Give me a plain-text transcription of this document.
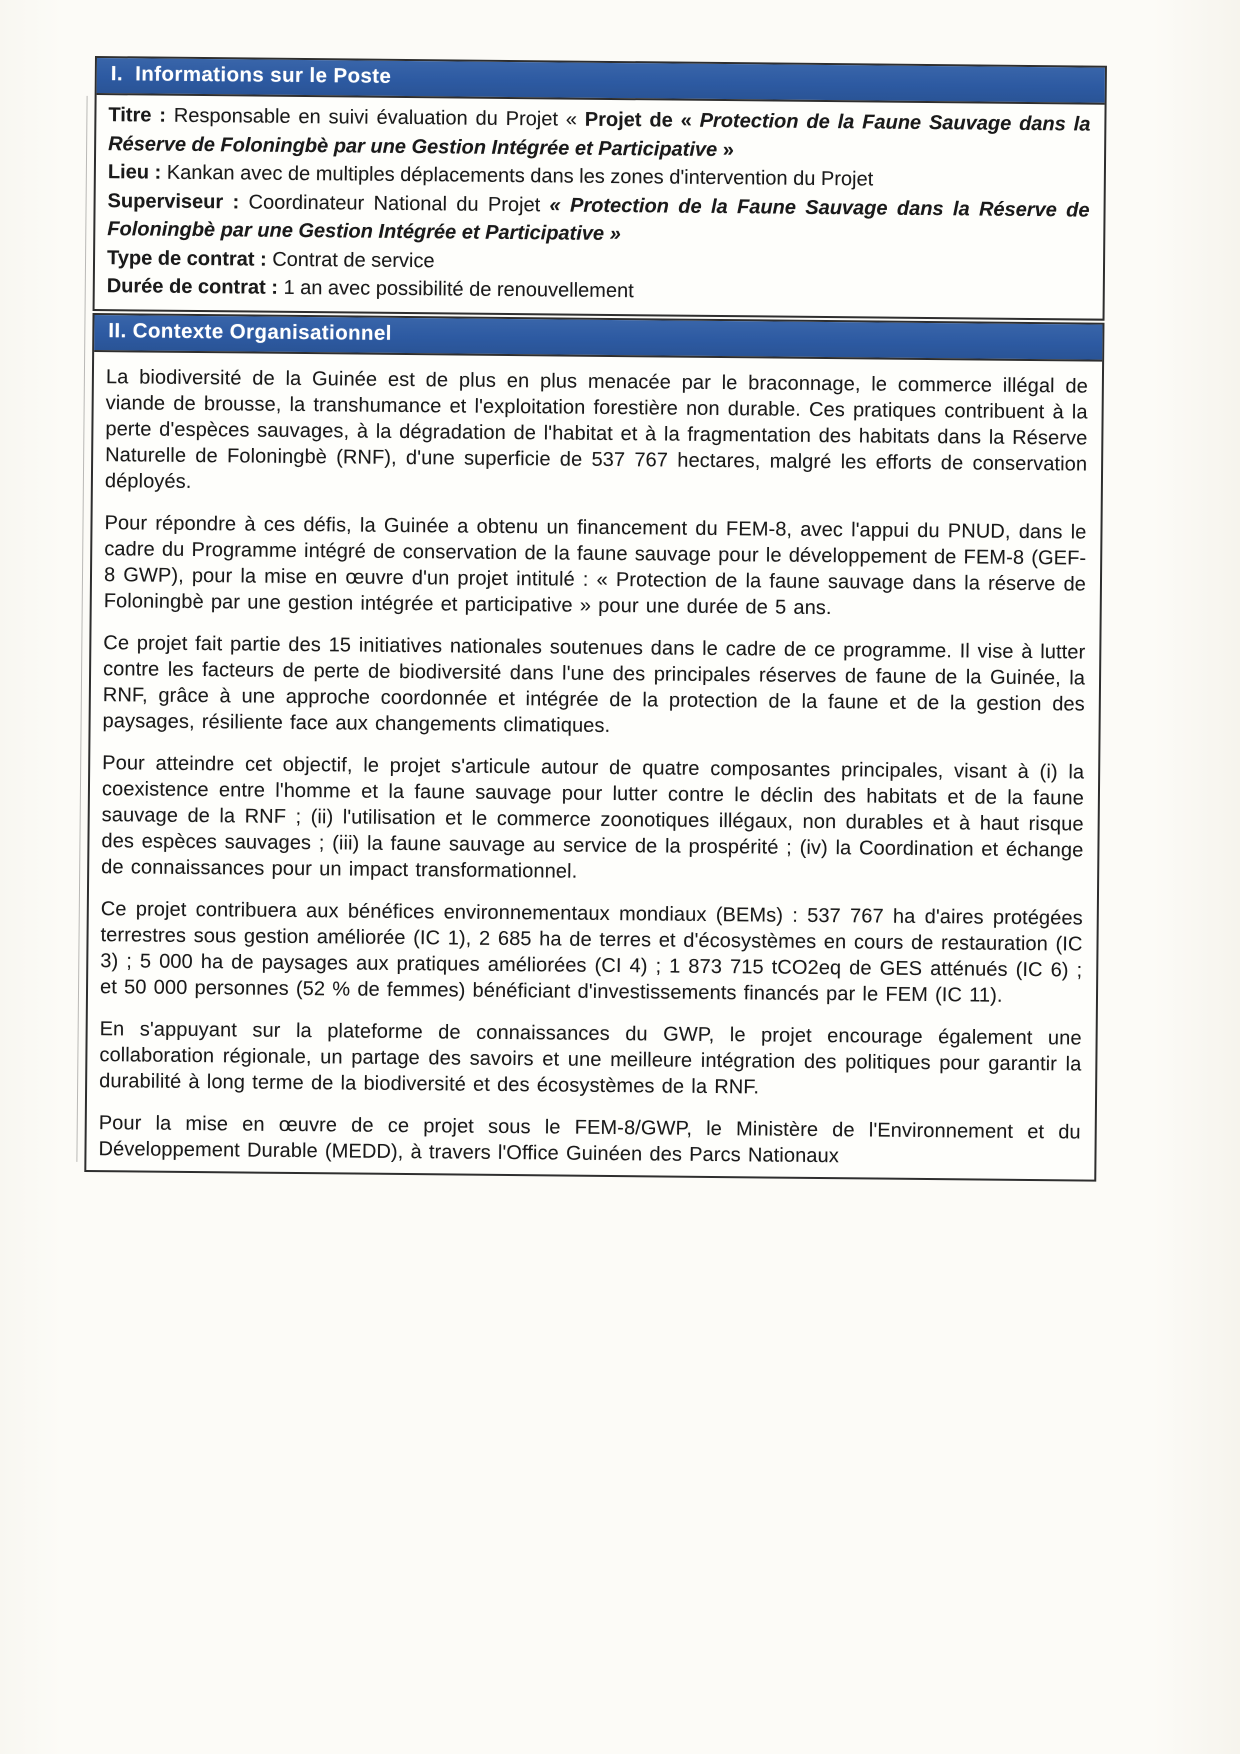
I.  Informations sur le Poste

Titre : Responsable en suivi évaluation du Projet « Projet de « Protection de la Faune Sauvage dans la Réserve de Foloningbè par une Gestion Intégrée et Participative »

Lieu : Kankan avec de multiples déplacements dans les zones d'intervention du Projet

Superviseur : Coordinateur National du Projet « Protection de la Faune Sauvage dans la Réserve de Foloningbè par une Gestion Intégrée et Participative »

Type de contrat : Contrat de service

Durée de contrat : 1 an avec possibilité de renouvellement

II. Contexte Organisationnel

La biodiversité de la Guinée est de plus en plus menacée par le braconnage, le commerce illégal de viande de brousse, la transhumance et l'exploitation forestière non durable. Ces pratiques contribuent à la perte d'espèces sauvages, à la dégradation de l'habitat et à la fragmentation des habitats dans la Réserve Naturelle de Foloningbè (RNF), d'une superficie de 537 767 hectares, malgré les efforts de conservation déployés.

Pour répondre à ces défis, la Guinée a obtenu un financement du FEM-8, avec l'appui du PNUD, dans le cadre du Programme intégré de conservation de la faune sauvage pour le développement de FEM-8 (GEF-8 GWP), pour la mise en œuvre d'un projet intitulé : « Protection de la faune sauvage dans la réserve de Foloningbè par une gestion intégrée et participative » pour une durée de 5 ans.

Ce projet fait partie des 15 initiatives nationales soutenues dans le cadre de ce programme. Il vise à lutter contre les facteurs de perte de biodiversité dans l'une des principales réserves de faune de la Guinée, la RNF, grâce à une approche coordonnée et intégrée de la protection de la faune et de la gestion des paysages, résiliente face aux changements climatiques.

Pour atteindre cet objectif, le projet s'articule autour de quatre composantes principales, visant à (i) la coexistence entre l'homme et la faune sauvage pour lutter contre le déclin des habitats et de la faune sauvage de la RNF ; (ii) l'utilisation et le commerce zoonotiques illégaux, non durables et à haut risque des espèces sauvages ; (iii) la faune sauvage au service de la prospérité ; (iv) la Coordination et échange de connaissances pour un impact transformationnel.

Ce projet contribuera aux bénéfices environnementaux mondiaux (BEMs) : 537 767 ha d'aires protégées terrestres sous gestion améliorée (IC 1), 2 685 ha de terres et d'écosystèmes en cours de restauration (IC 3) ; 5 000 ha de paysages aux pratiques améliorées (CI 4) ; 1 873 715 tCO2eq de GES atténués (IC 6) ; et 50 000 personnes (52 % de femmes) bénéficiant d'investissements financés par le FEM (IC 11).

En s'appuyant sur la plateforme de connaissances du GWP, le projet encourage également une collaboration régionale, un partage des savoirs et une meilleure intégration des politiques pour garantir la durabilité à long terme de la biodiversité et des écosystèmes de la RNF.

Pour la mise en œuvre de ce projet sous le FEM-8/GWP, le Ministère de l'Environnement et du Développement Durable (MEDD), à travers l'Office Guinéen des Parcs Nationaux
